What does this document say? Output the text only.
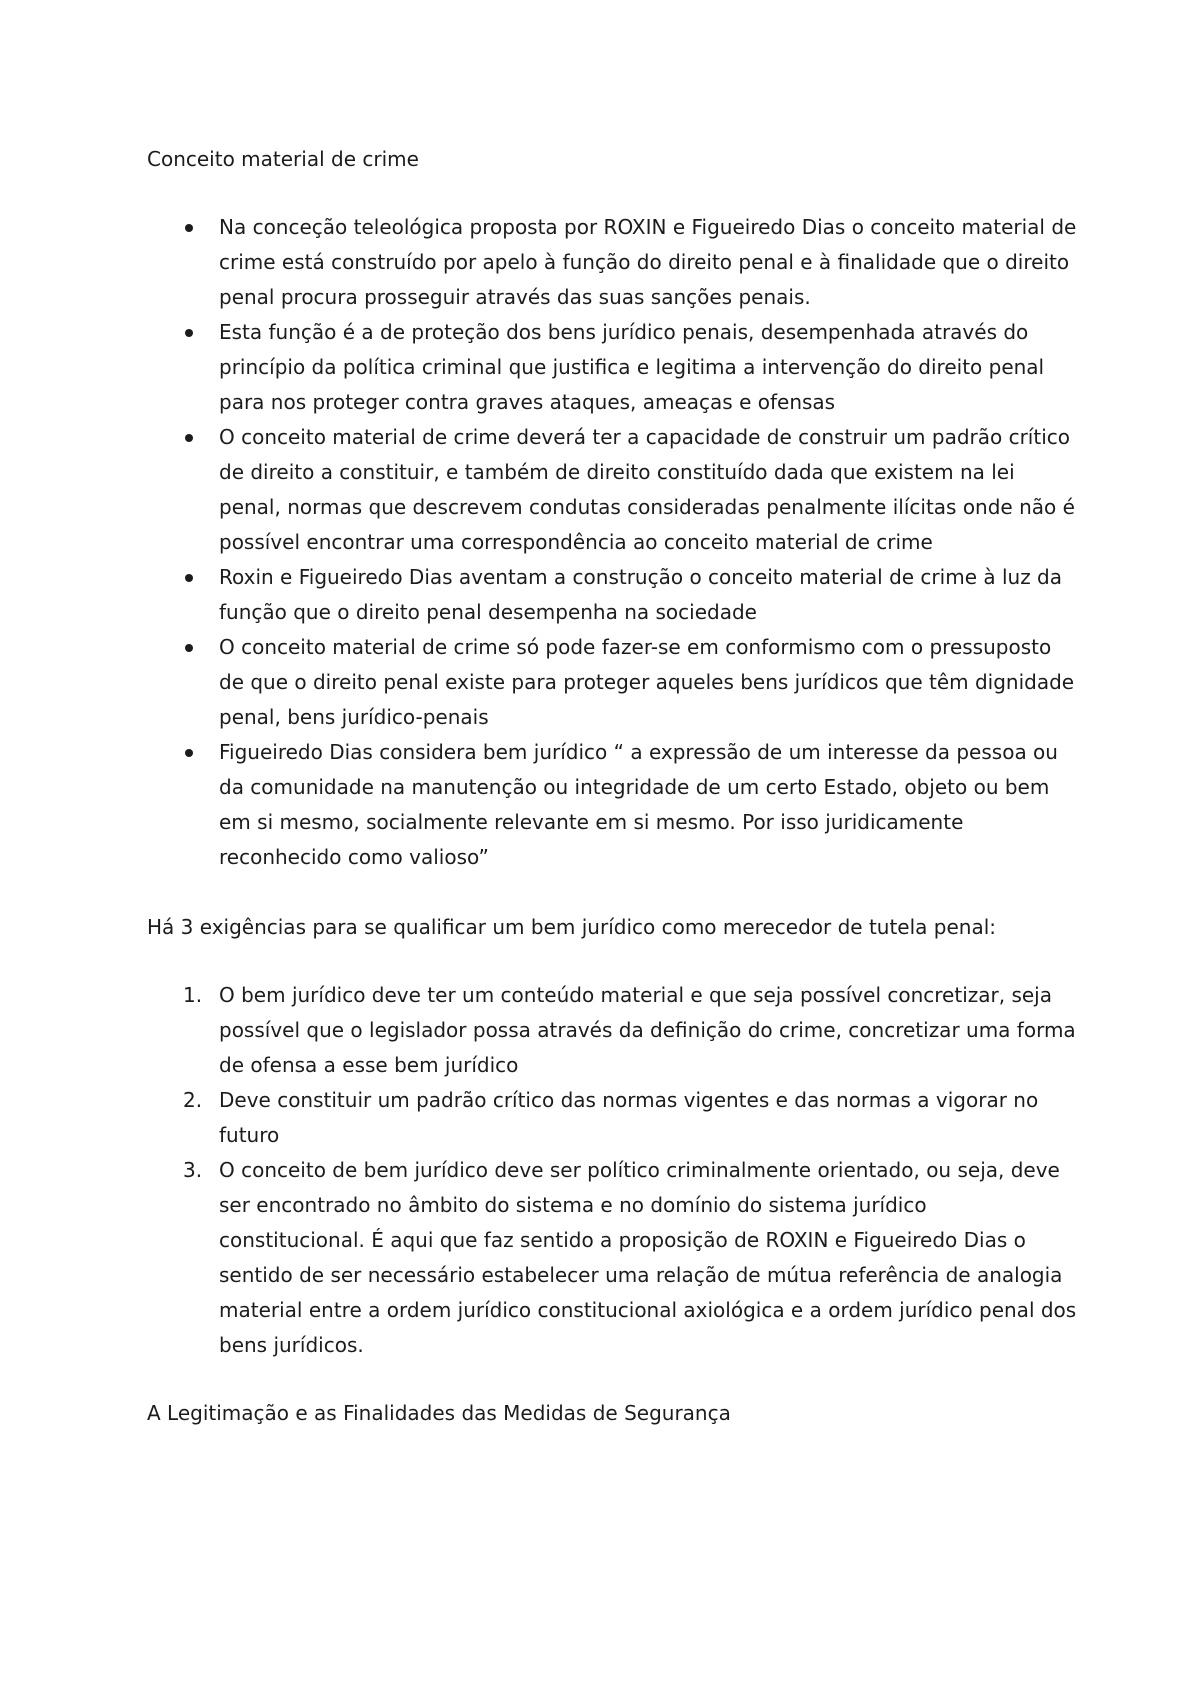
Conceito material de crime

Na conceção teleológica proposta por ROXIN e Figueiredo Dias o conceito material de crime está construído por apelo à função do direito penal e à finalidade que o direito penal procura prosseguir através das suas sanções penais.
Esta função é a de proteção dos bens jurídico penais, desempenhada através do princípio da política criminal que justifica e legitima a intervenção do direito penal para nos proteger contra graves ataques, ameaças e ofensas
O conceito material de crime deverá ter a capacidade de construir um padrão crítico de direito a constituir, e também de direito constituído dada que existem na lei penal, normas que descrevem condutas consideradas penalmente ilícitas onde não é possível encontrar uma correspondência ao conceito material de crime
Roxin e Figueiredo Dias aventam a construção o conceito material de crime à luz da função que o direito penal desempenha na sociedade
O conceito material de crime só pode fazer-se em conformismo com o pressuposto de que o direito penal existe para proteger aqueles bens jurídicos que têm dignidade penal, bens jurídico-penais
Figueiredo Dias considera bem jurídico “ a expressão de um interesse da pessoa ou da comunidade na manutenção ou integridade de um certo Estado, objeto ou bem em si mesmo, socialmente relevante em si mesmo. Por isso juridicamente reconhecido como valioso”

Há 3 exigências para se qualificar um bem jurídico como merecedor de tutela penal:

1. O bem jurídico deve ter um conteúdo material e que seja possível concretizar, seja possível que o legislador possa através da definição do crime, concretizar uma forma de ofensa a esse bem jurídico
2. Deve constituir um padrão crítico das normas vigentes e das normas a vigorar no futuro
3. O conceito de bem jurídico deve ser político criminalmente orientado, ou seja, deve ser encontrado no âmbito do sistema e no domínio do sistema jurídico constitucional. É aqui que faz sentido a proposição de ROXIN e Figueiredo Dias o sentido de ser necessário estabelecer uma relação de mútua referência de analogia material entre a ordem jurídico constitucional axiológica e a ordem jurídico penal dos bens jurídicos.

A Legitimação e as Finalidades das Medidas de Segurança
